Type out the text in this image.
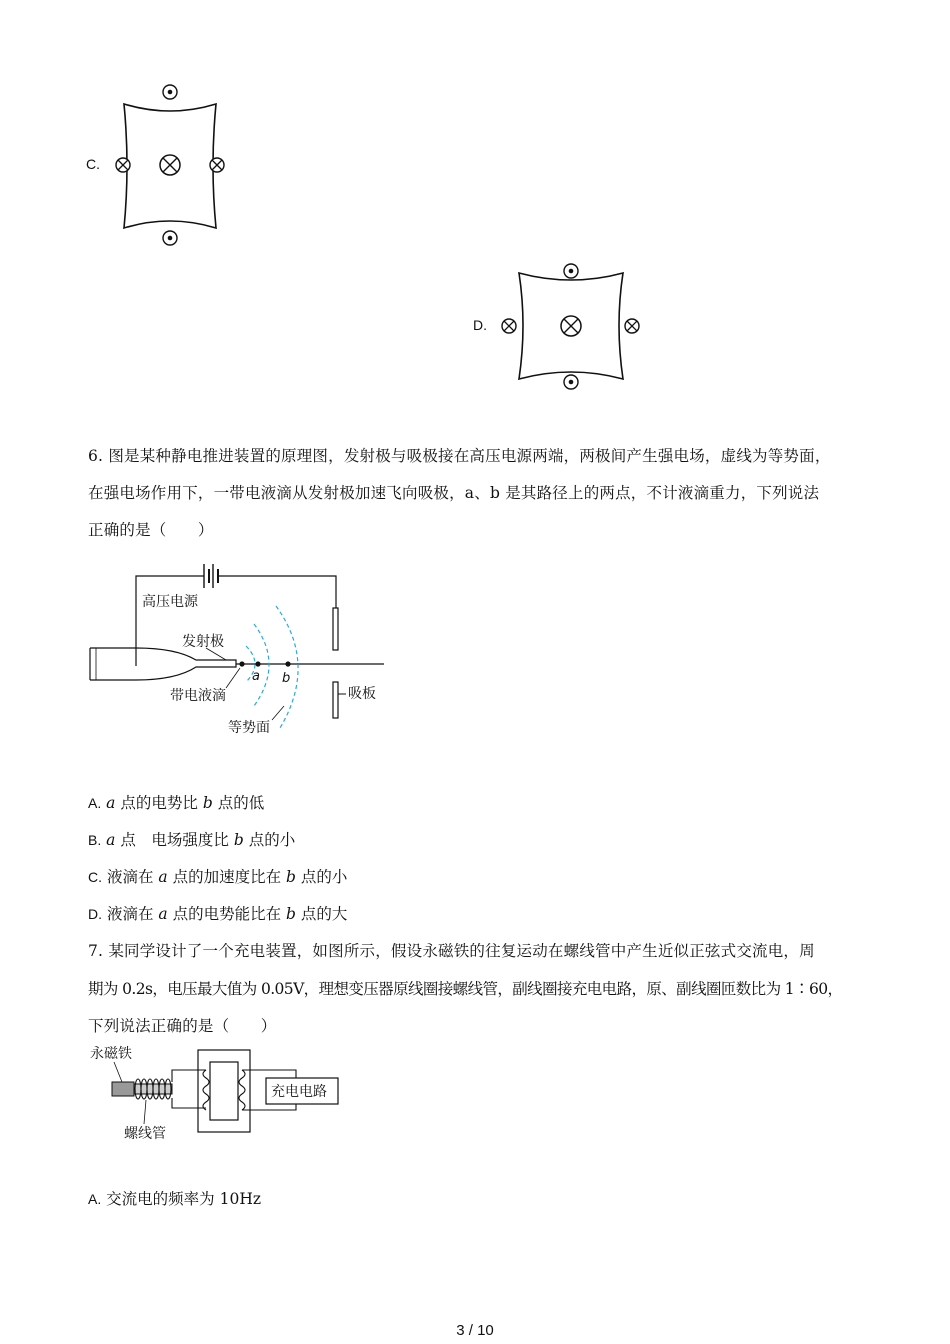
C.
D.
6. 图是某种静电推进装置的原理图，发射极与吸极接在高压电源两端，两极间产生强电场，虚线为等势面，
在强电场作用下，一带电液滴从发射极加速飞向吸极，a、b 是其路径上的两点，不计液滴重力，下列说法
正确的是（　　）
高压电源
吸板
发射极
a b
带电液滴
等势面
A. a 点的电势比 b 点的低
B. a 点　电场强度比 b 点的小
C. 液滴在 a 点的加速度比在 b 点的小
D. 液滴在 a 点的电势能比在 b 点的大
7. 某同学设计了一个充电装置，如图所示，假设永磁铁的往复运动在螺线管中产生近似正弦式交流电，周
期为 0.2s，电压最大值为 0.05V，理想变压器原线圈接螺线管，副线圈接充电电路，原、副线圈匝数比为 1∶60，
下列说法正确的是（　　）
永磁铁
螺线管
充电电路
A. 交流电的频率为 10Hz
3 / 10
